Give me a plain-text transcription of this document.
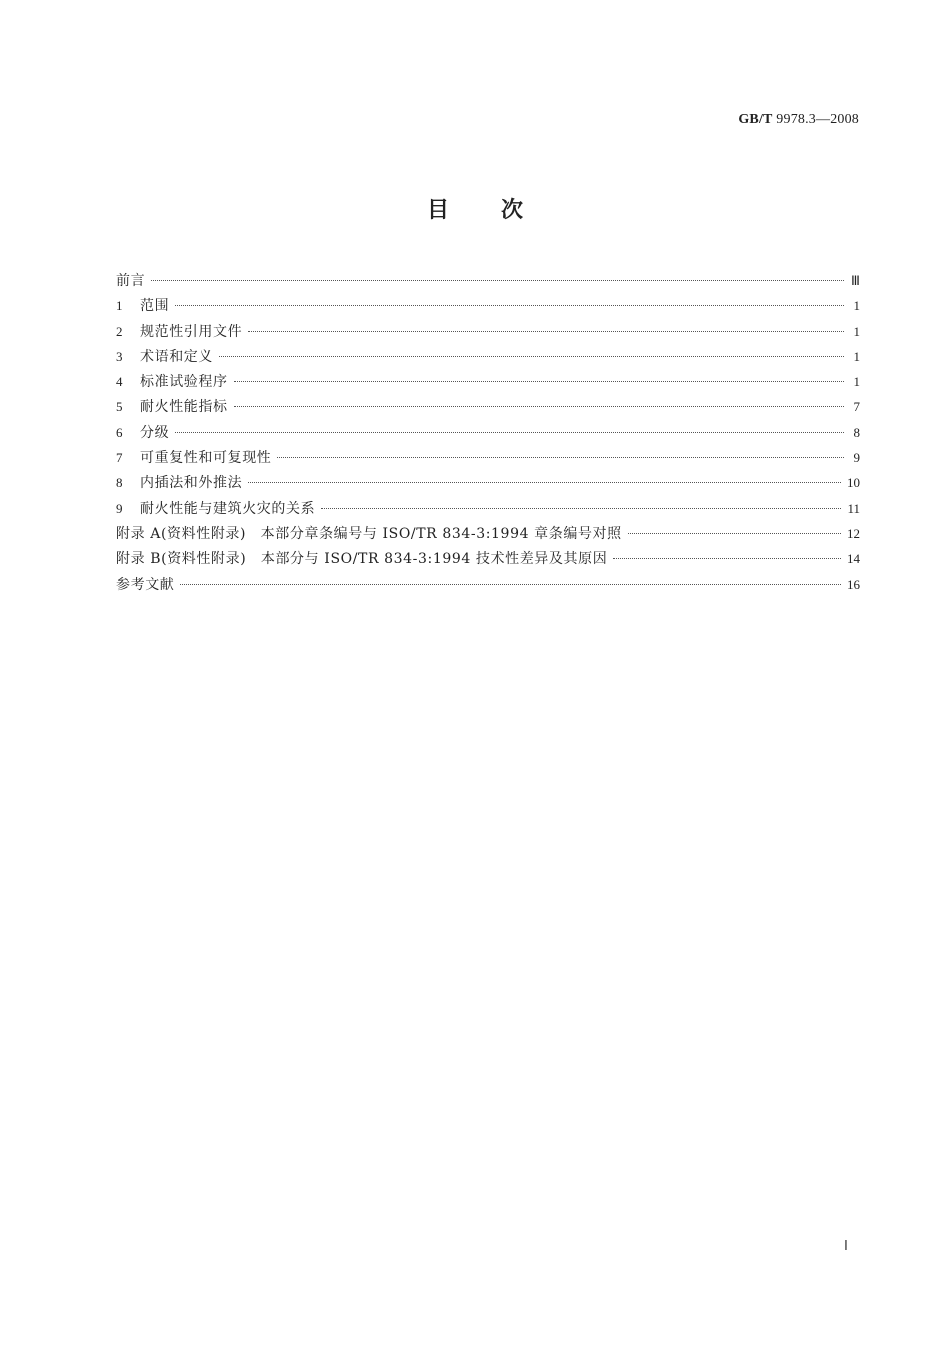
GB/T 9978.3—2008
目 次
前言	Ⅲ
1	范围	1
2	规范性引用文件	1
3	术语和定义	1
4	标准试验程序	1
5	耐火性能指标	7
6	分级	8
7	可重复性和可复现性	9
8	内插法和外推法	10
9	耐火性能与建筑火灾的关系	11
附录 A(资料性附录)　本部分章条编号与 ISO/TR 834-3:1994 章条编号对照	12
附录 B(资料性附录)　本部分与 ISO/TR 834-3:1994 技术性差异及其原因	14
参考文献	16
Ⅰ
